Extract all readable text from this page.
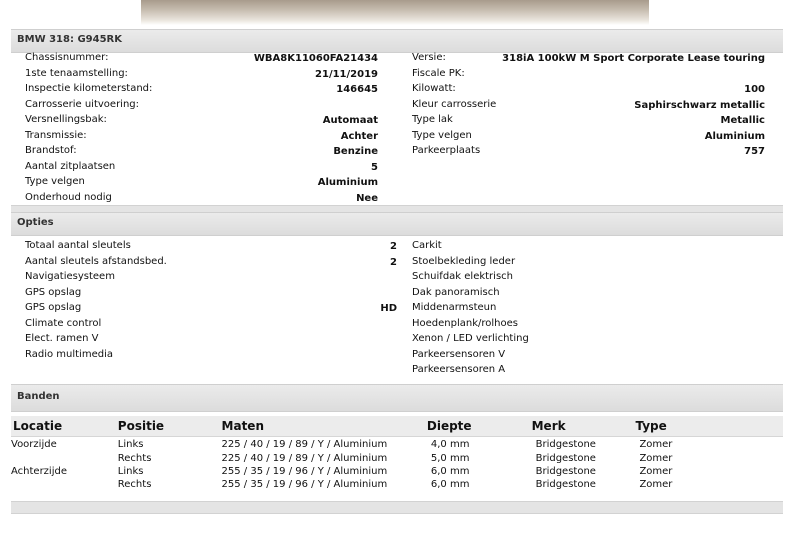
BMW 318: G945RK
Chassisnummer:	WBA8K11060FA21434
1ste tenaamstelling:	21/11/2019
Inspectie kilometerstand:	146645
Carrosserie uitvoering:
Versnellingsbak:	Automaat
Transmissie:	Achter
Brandstof:	Benzine
Aantal zitplaatsen	5
Type velgen	Aluminium
Onderhoud nodig	Nee
Versie:	318iA 100kW M Sport Corporate Lease touring
Fiscale PK:
Kilowatt:	100
Kleur carrosserie	Saphirschwarz metallic
Type lak	Metallic
Type velgen	Aluminium
Parkeerplaats	757
Opties
Totaal aantal sleutels	2
Aantal sleutels afstandsbed.	2
Navigatiesysteem
GPS opslag
GPS opslag	HD
Climate control
Elect. ramen V
Radio multimedia
Carkit
Stoelbekleding leder
Schuifdak elektrisch
Dak panoramisch
Middenarmsteun
Hoedenplank/rolhoes
Xenon / LED verlichting
Parkeersensoren V
Parkeersensoren A
Banden
Locatie	Positie	Maten	Diepte	Merk	Type
Voorzijde	Links	225 / 40 / 19 / 89 / Y / Aluminium	4,0 mm	Bridgestone	Zomer
	Rechts	225 / 40 / 19 / 89 / Y / Aluminium	5,0 mm	Bridgestone	Zomer
Achterzijde	Links	255 / 35 / 19 / 96 / Y / Aluminium	6,0 mm	Bridgestone	Zomer
	Rechts	255 / 35 / 19 / 96 / Y / Aluminium	6,0 mm	Bridgestone	Zomer
